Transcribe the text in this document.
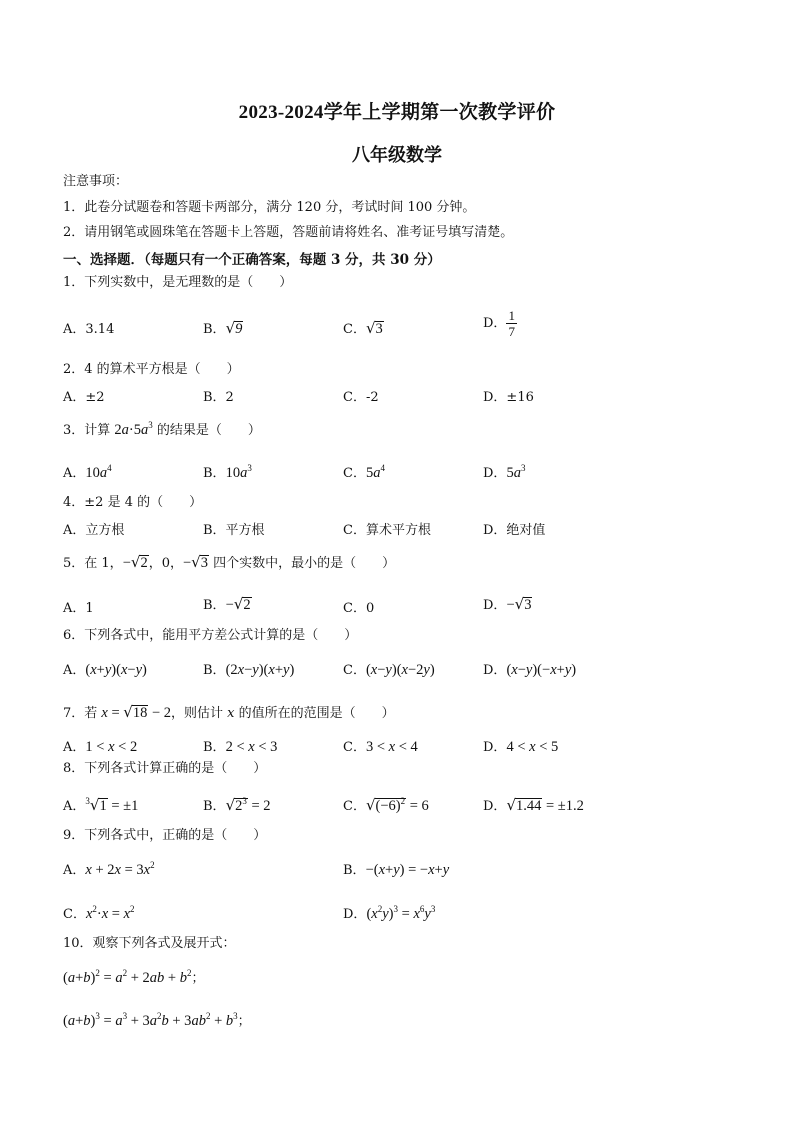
2023-2024学年上学期第一次教学评价
八年级数学
注意事项：
1．此卷分试题卷和答题卡两部分，满分 120 分，考试时间 100 分钟。
2．请用钢笔或圆珠笔在答题卡上答题，答题前请将姓名、准考证号填写清楚。
一、选择题．（每题只有一个正确答案，每题 3 分，共 30 分）
1．下列实数中，是无理数的是（　　）
A．3.14	B．√9	C．√3	D． $\frac{1}{7}$
2．4 的算术平方根是（　　）
A．±2	B．2	C．-2	D．±16
3．计算 $2a\cdot 5a^3$ 的结果是（　　）
A．$10a^4$	B．$10a^3$	C．$5a^4$	D．$5a^3$
4．±2 是 4 的（　　）
A．立方根	B．平方根	C．算术平方根	D．绝对值
5．在 1，−√2，0，−√3 四个实数中，最小的是（　　）
A．1	B．−√2	C．0	D．−√3
6．下列各式中，能用平方差公式计算的是（　　）
A．(x+y)(x−y)	B．(2x−y)(x+y)	C．(x−y)(x−2y)	D．(x−y)(−x+y)
7．若 x = √18 − 2，则估计 x 的值所在的范围是（　　）
A．1 < x < 2	B．2 < x < 3	C．3 < x < 4	D．4 < x < 5
8．下列各式计算正确的是（　　）
A．$^3$√1 = ±1	B．$√2^3 = 2$	C．$√(-6)^2 = 6$	D．√1.44 = ±1.2
9．下列各式中，正确的是（　　）
A．$x + 2x = 3x^2$	B．−(x+y) = −x+y
C．$x^2\cdot x = x^2$	D．$(x^2y)^3 = x^6y^3$
10．观察下列各式及展开式：
$(a+b)^2 = a^2 + 2ab + b^2$；
$(a+b)^3 = a^3 + 3a^2b + 3ab^2 + b^3$；
